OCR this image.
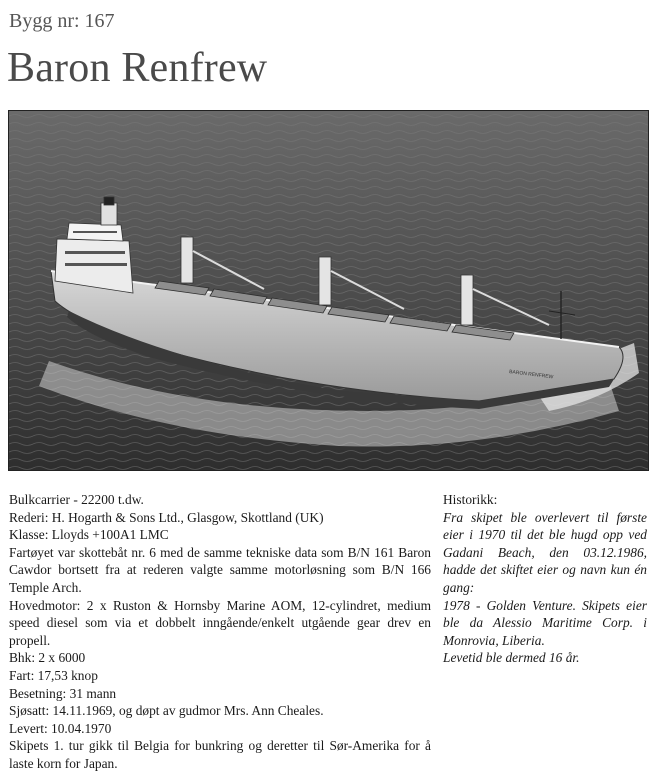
Bygg nr: 167
Baron Renfrew
BARON RENFREW

Bulkcarrier - 22200 t.dw.

Rederi: H. Hogarth & Sons Ltd., Glasgow, Skottland (UK)

Klasse: Lloyds +100A1 LMC

Fartøyet var skottebåt nr. 6 med de samme tekniske data som B/N 161 Baron Cawdor bortsett fra at rederen valgte samme motorløsning som B/N 166 Temple Arch.

Hovedmotor: 2 x Ruston & Hornsby Marine AOM, 12-cylindret, medium speed diesel som via et dobbelt inngående/enkelt utgående gear drev en propell.

Bhk: 2 x 6000

Fart: 17,53 knop

Besetning: 31 mann

Sjøsatt: 14.11.1969, og døpt av gudmor Mrs. Ann Cheales.

Levert: 10.04.1970

Skipets 1. tur gikk til Belgia for bunkring og deretter til Sør-Amerika for å laste korn for Japan.

Historikk:

Fra skipet ble overlevert til første eier i 1970 til det ble hugd opp ved Gadani Beach, den 03.12.1986, hadde det skiftet eier og navn kun én gang:

1978 - Golden Venture. Skipets eier ble da Alessio Maritime Corp. i Monrovia, Liberia.

Levetid ble dermed 16 år.
